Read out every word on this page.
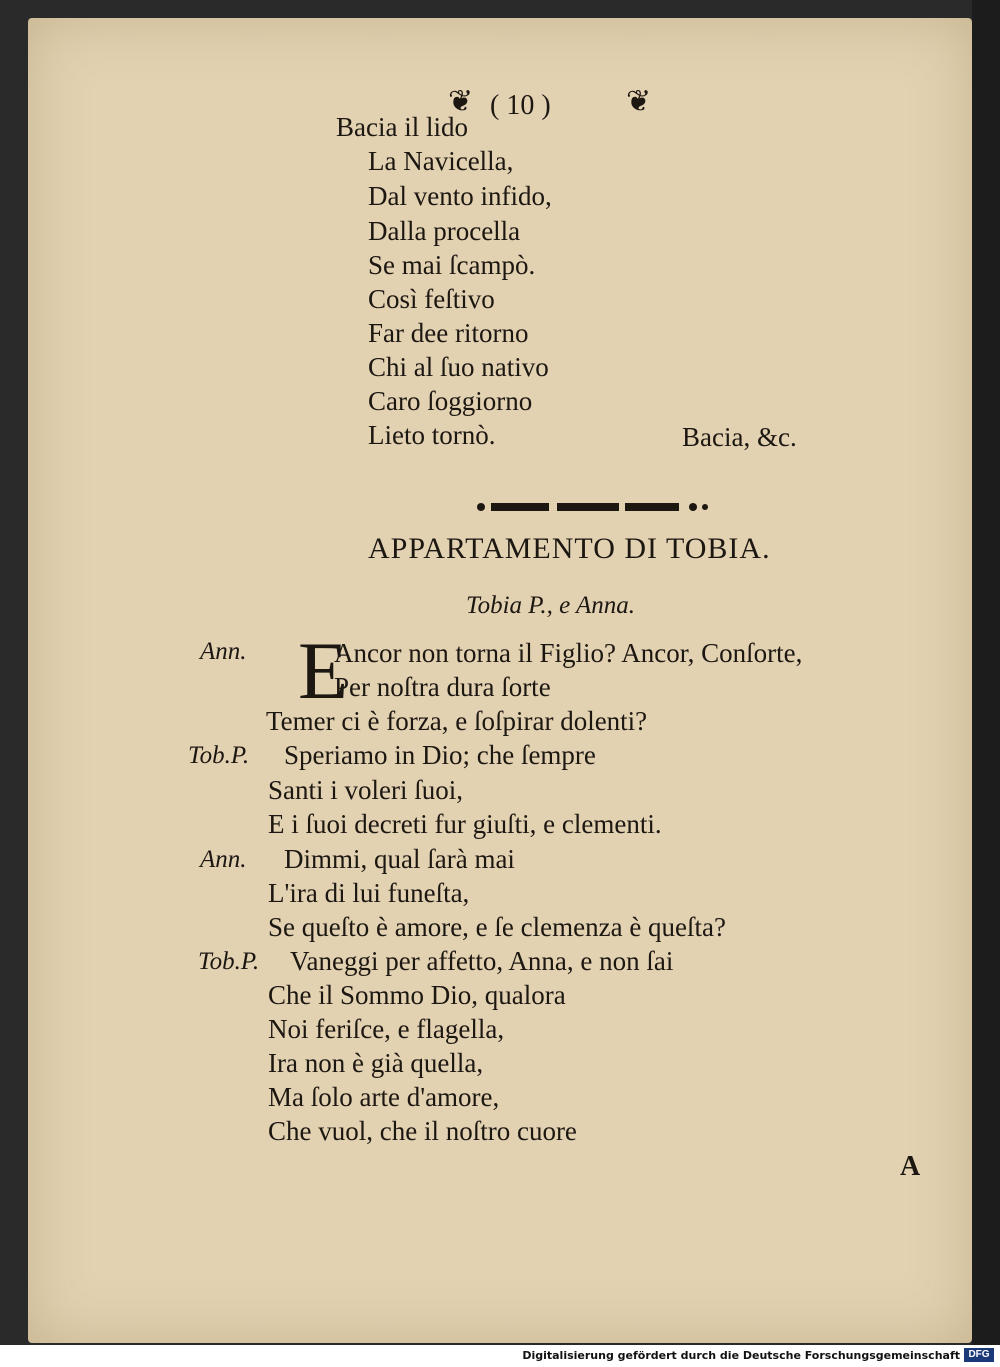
❦ ( 10 )	❦
Bacia il lido
La Navicella,
Dal vento infido,
Dalla procella
Se mai ſcampò.
Così feſtivo
Far dee ritorno
Chi al ſuo nativo
Caro ſoggiorno
Lieto tornò.	Bacia, &c.
APPARTAMENTO DI TOBIA.
Tobia P., e Anna.
Ann. E
Ancor non torna il Figlio? Ancor, Conſorte,
Per noſtra dura ſorte
Temer ci è forza, e ſoſpirar dolenti?
Tob.P. Speriamo in Dio; che ſempre
Santi i voleri ſuoi,
E i ſuoi decreti fur giuſti, e clementi.
Ann. Dimmi, qual ſarà mai
L'ira di lui funeſta,
Se queſto è amore, e ſe clemenza è queſta?
Tob.P. Vaneggi per affetto, Anna, e non ſai
Che il Sommo Dio, qualora
Noi feriſce, e flagella,
Ira non è già quella,
Ma ſolo arte d'amore,
Che vuol, che il noſtro cuore
A
Digitalisierung gefördert durch die Deutsche Forschungsgemeinschaft DFG
